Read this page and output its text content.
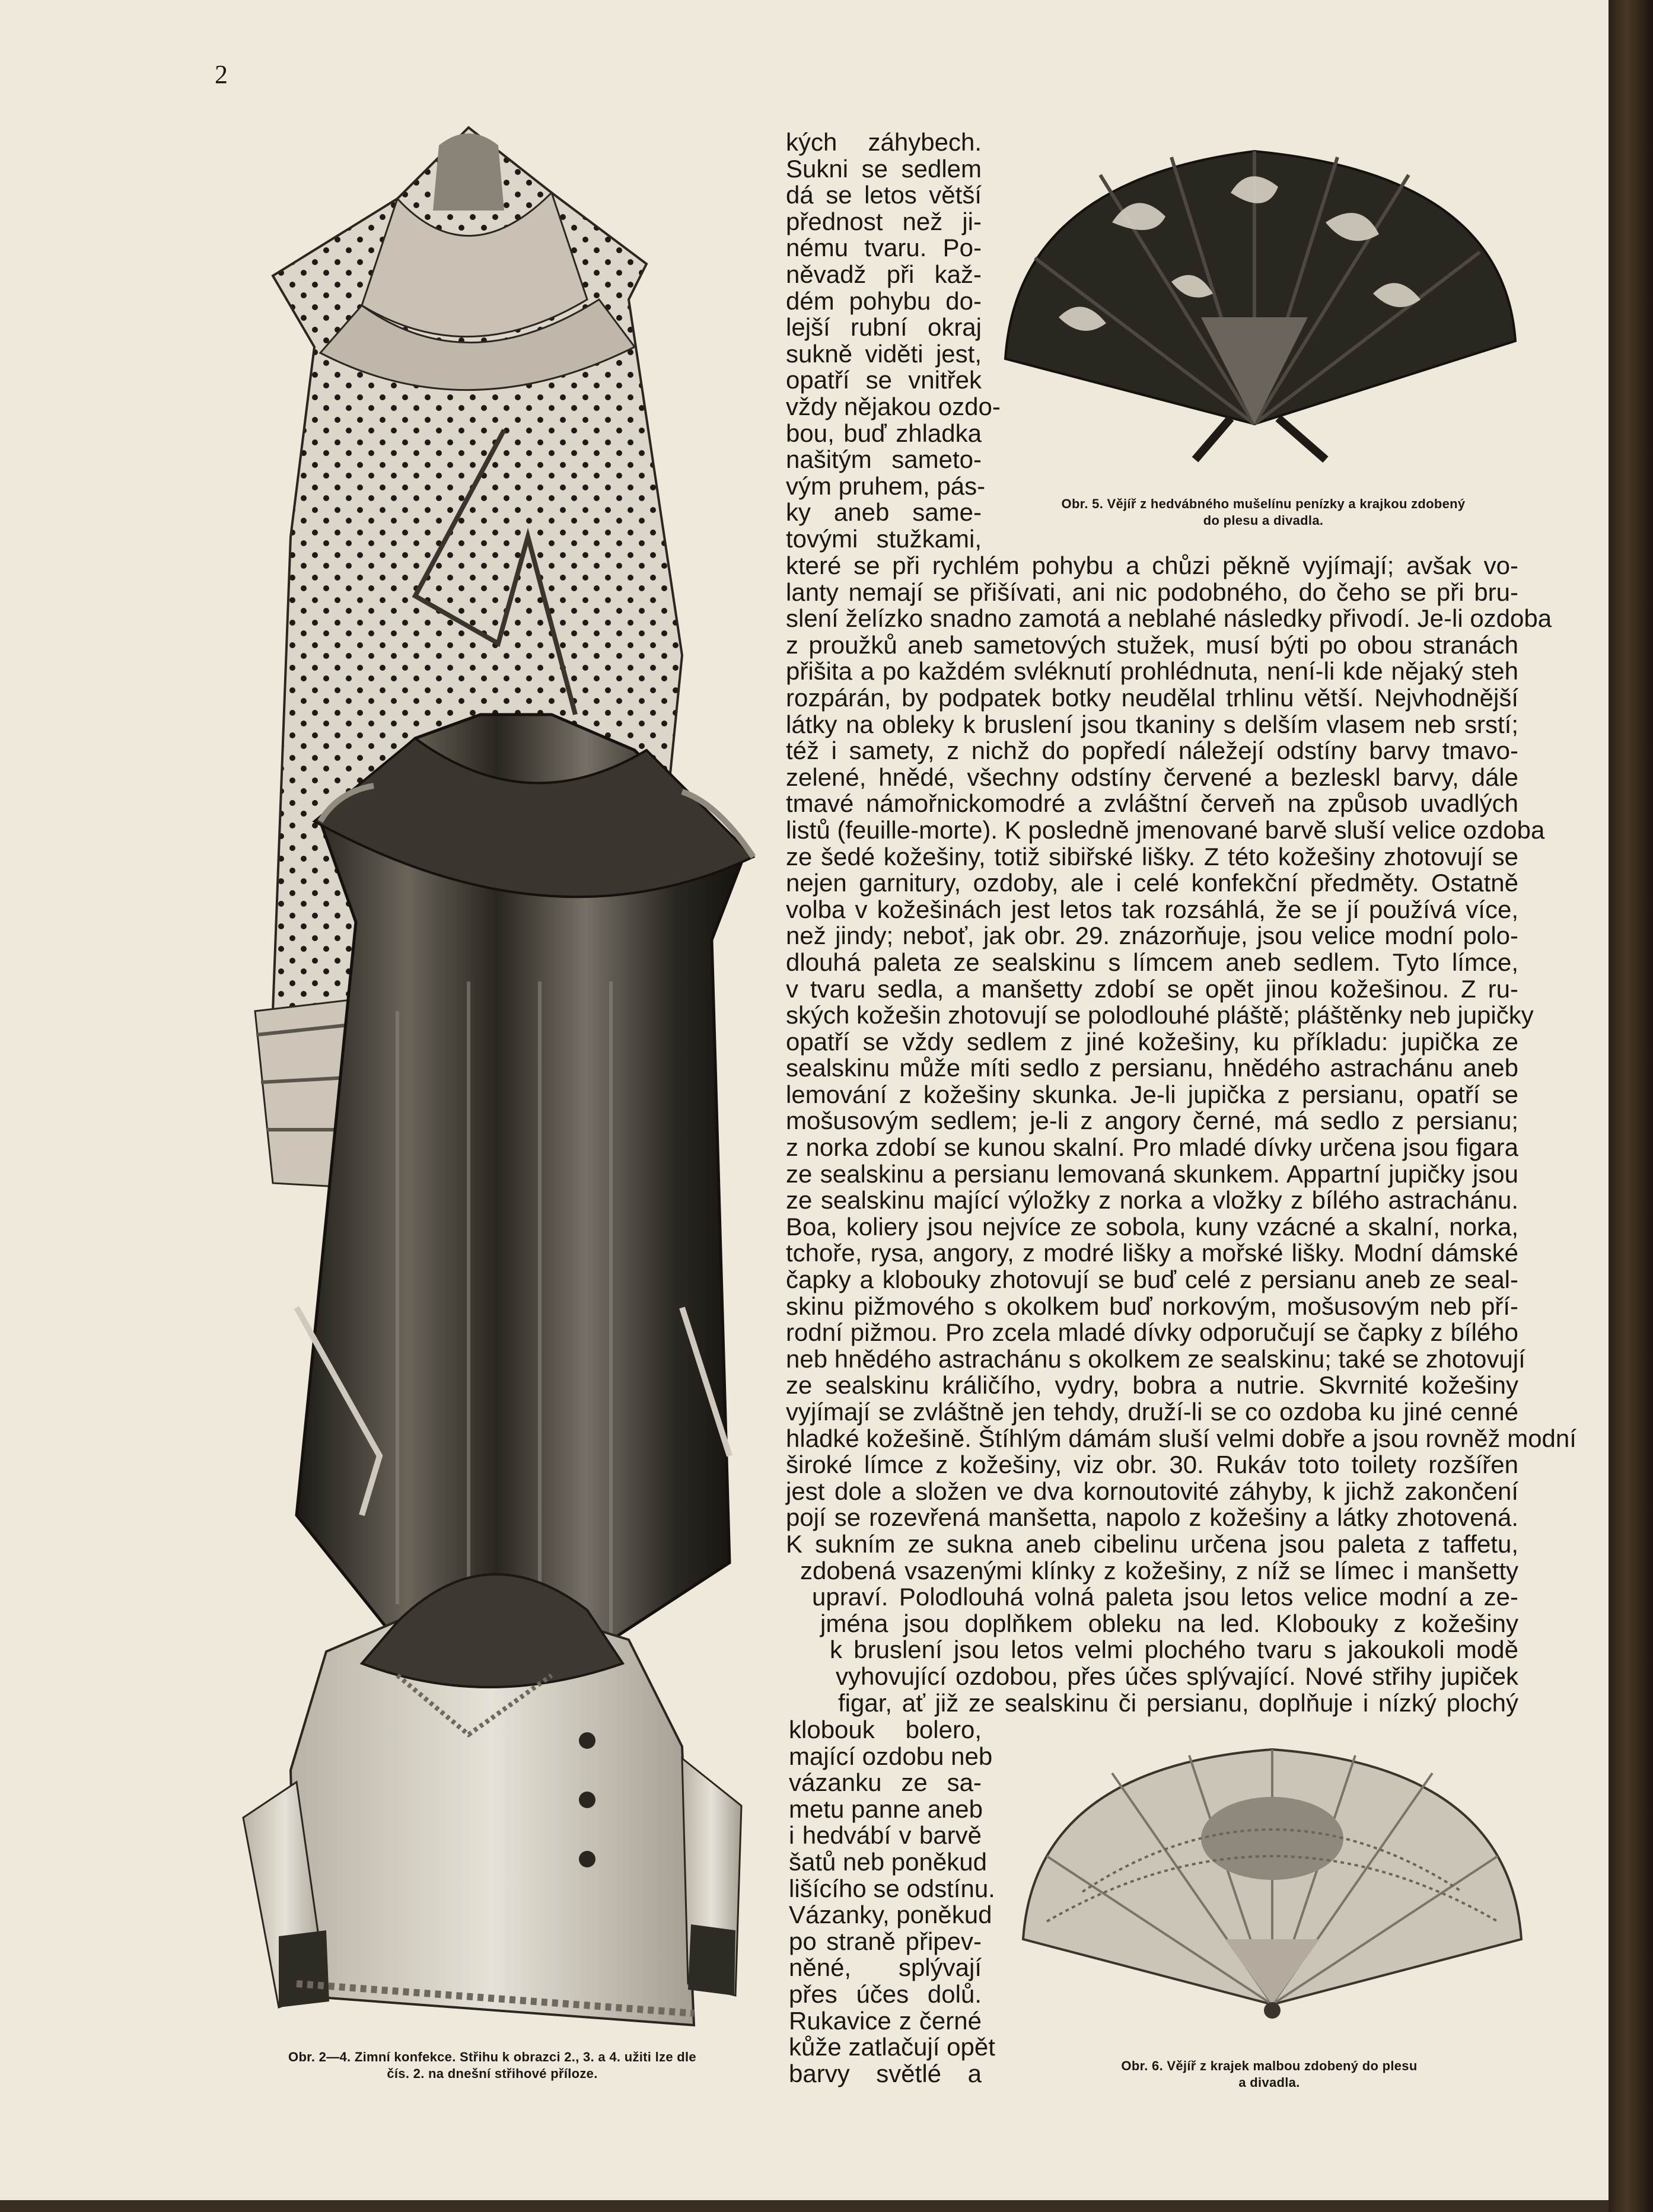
2
Obr. 5. Vějíř z hedvábného mušelínu penízky a krajkou zdobený
do plesu a divadla.
Obr. 6. Vějíř z krajek malbou zdobený do plesu
a divadla.
Obr. 2—4. Zimní konfekce. Střihu k obrazci 2., 3. a 4. užiti lze dle
čís. 2. na dnešní střihové příloze.
kých záhybech.
Sukni se sedlem
dá se letos větší
přednost než ji-
nému tvaru. Po-
něvadž při kaž-
dém pohybu do-
lejší rubní okraj
sukně viděti jest,
opatří se vnitřek
vždy nějakou ozdo-
bou, buď zhladka
našitým sameto-
vým pruhem, pás-
ky aneb same-
tovými stužkami,
které se při rychlém pohybu a chůzi pěkně vyjímají; avšak vo-
lanty nemají se přišívati, ani nic podobného, do čeho se při bru-
slení želízko snadno zamotá a neblahé následky přivodí. Je-li ozdoba
z proužků aneb sametových stužek, musí býti po obou stranách
přišita a po každém svléknutí prohlédnuta, není-li kde nějaký steh
rozpárán, by podpatek botky neudělal trhlinu větší. Nejvhodnější
látky na obleky k bruslení jsou tkaniny s delším vlasem neb srstí;
též i samety, z nichž do popředí náležejí odstíny barvy tmavo-
zelené, hnědé, všechny odstíny červené a bezleskl barvy, dále
tmavé námořnickomodré a zvláštní červeň na způsob uvadlých
listů (feuille-morte). K posledně jmenované barvě sluší velice ozdoba
ze šedé kožešiny, totiž sibiřské lišky. Z této kožešiny zhotovují se
nejen garnitury, ozdoby, ale i celé konfekční předměty. Ostatně
volba v kožešinách jest letos tak rozsáhlá, že se jí používá více,
než jindy; neboť, jak obr. 29. znázorňuje, jsou velice modní polo-
dlouhá paleta ze sealskinu s límcem aneb sedlem. Tyto límce,
v tvaru sedla, a manšetty zdobí se opět jinou kožešinou. Z ru-
ských kožešin zhotovují se polodlouhé pláště; pláštěnky neb jupičky
opatří se vždy sedlem z jiné kožešiny, ku příkladu: jupička ze
sealskinu může míti sedlo z persianu, hnědého astrachánu aneb
lemování z kožešiny skunka. Je-li jupička z persianu, opatří se
mošusovým sedlem; je-li z angory černé, má sedlo z persianu;
z norka zdobí se kunou skalní. Pro mladé dívky určena jsou figara
ze sealskinu a persianu lemovaná skunkem. Appartní jupičky jsou
ze sealskinu mající výložky z norka a vložky z bílého astrachánu.
Boa, koliery jsou nejvíce ze sobola, kuny vzácné a skalní, norka,
tchoře, rysa, angory, z modré lišky a mořské lišky. Modní dámské
čapky a klobouky zhotovují se buď celé z persianu aneb ze seal-
skinu pižmového s okolkem buď norkovým, mošusovým neb pří-
rodní pižmou. Pro zcela mladé dívky odporučují se čapky z bílého
neb hnědého astrachánu s okolkem ze sealskinu; také se zhotovují
ze sealskinu králičího, vydry, bobra a nutrie. Skvrnité kožešiny
vyjímají se zvláštně jen tehdy, druží-li se co ozdoba ku jiné cenné
hladké kožešině. Štíhlým dámám sluší velmi dobře a jsou rovněž modní
široké límce z kožešiny, viz obr. 30. Rukáv toto toilety rozšířen
jest dole a složen ve dva kornoutovité záhyby, k jichž zakončení
pojí se rozevřená manšetta, napolo z kožešiny a látky zhotovená.
K sukním ze sukna aneb cibelinu určena jsou paleta z taffetu,
zdobená vsazenými klínky z kožešiny, z níž se límec i manšetty
upraví. Polodlouhá volná paleta jsou letos velice modní a ze-
jména jsou doplňkem obleku na led. Klobouky z kožešiny
k bruslení jsou letos velmi plochého tvaru s jakoukoli modě
vyhovující ozdobou, přes účes splývající. Nové střihy jupiček
figar, ať již ze sealskinu či persianu, doplňuje i nízký plochý
klobouk bolero,
mající ozdobu neb
vázanku ze sa-
metu panne aneb
i hedvábí v barvě
šatů neb poněkud
lišícího se odstínu.
Vázanky, poněkud
po straně připev-
něné, splývají
přes účes dolů.
Rukavice z černé
kůže zatlačují opět
barvy světlé a
